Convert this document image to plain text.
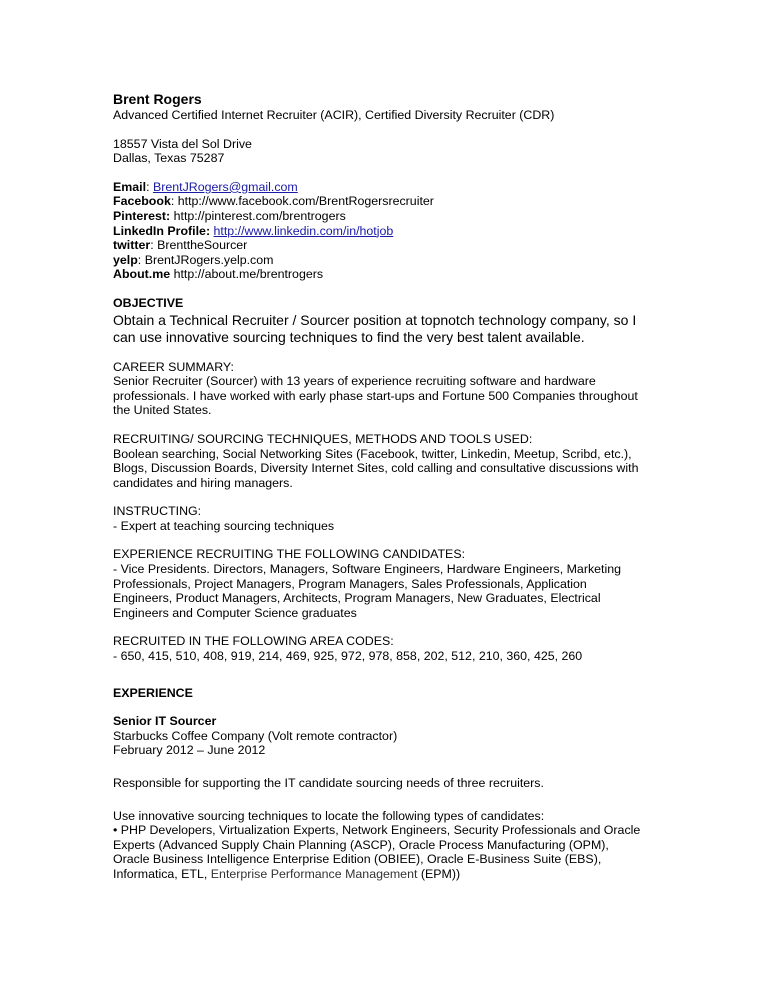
Brent Rogers
Advanced Certified Internet Recruiter (ACIR), Certified Diversity Recruiter (CDR)
18557 Vista del Sol Drive
Dallas, Texas 75287
Email: BrentJRogers@gmail.com
Facebook: http://www.facebook.com/BrentRogersrecruiter
Pinterest: http://pinterest.com/brentrogers
LinkedIn Profile: http://www.linkedin.com/in/hotjob
twitter: BrenttheSourcer
yelp: BrentJRogers.yelp.com
About.me http://about.me/brentrogers
OBJECTIVE
Obtain a Technical Recruiter / Sourcer position at topnotch technology company, so I
can use innovative sourcing techniques to find the very best talent available.
CAREER SUMMARY:
Senior Recruiter (Sourcer) with 13 years of experience recruiting software and hardware
professionals. I have worked with early phase start-ups and Fortune 500 Companies throughout
the United States.
RECRUITING/ SOURCING TECHNIQUES, METHODS AND TOOLS USED:
Boolean searching, Social Networking Sites (Facebook, twitter, Linkedin, Meetup, Scribd, etc.),
Blogs, Discussion Boards, Diversity Internet Sites, cold calling and consultative discussions with
candidates and hiring managers.
INSTRUCTING:
- Expert at teaching sourcing techniques
EXPERIENCE RECRUITING THE FOLLOWING CANDIDATES:
- Vice Presidents. Directors, Managers, Software Engineers, Hardware Engineers, Marketing
Professionals, Project Managers, Program Managers, Sales Professionals, Application
Engineers, Product Managers, Architects, Program Managers, New Graduates, Electrical
Engineers and Computer Science graduates
RECRUITED IN THE FOLLOWING AREA CODES:
- 650, 415, 510, 408, 919, 214, 469, 925, 972, 978, 858, 202, 512, 210, 360, 425, 260
EXPERIENCE
Senior IT Sourcer
Starbucks Coffee Company (Volt remote contractor)
February 2012 – June 2012
Responsible for supporting the IT candidate sourcing needs of three recruiters.
Use innovative sourcing techniques to locate the following types of candidates:
• PHP Developers, Virtualization Experts, Network Engineers, Security Professionals and Oracle
Experts (Advanced Supply Chain Planning (ASCP), Oracle Process Manufacturing (OPM),
Oracle Business Intelligence Enterprise Edition (OBIEE), Oracle E-Business Suite (EBS),
Informatica, ETL, Enterprise Performance Management (EPM))
